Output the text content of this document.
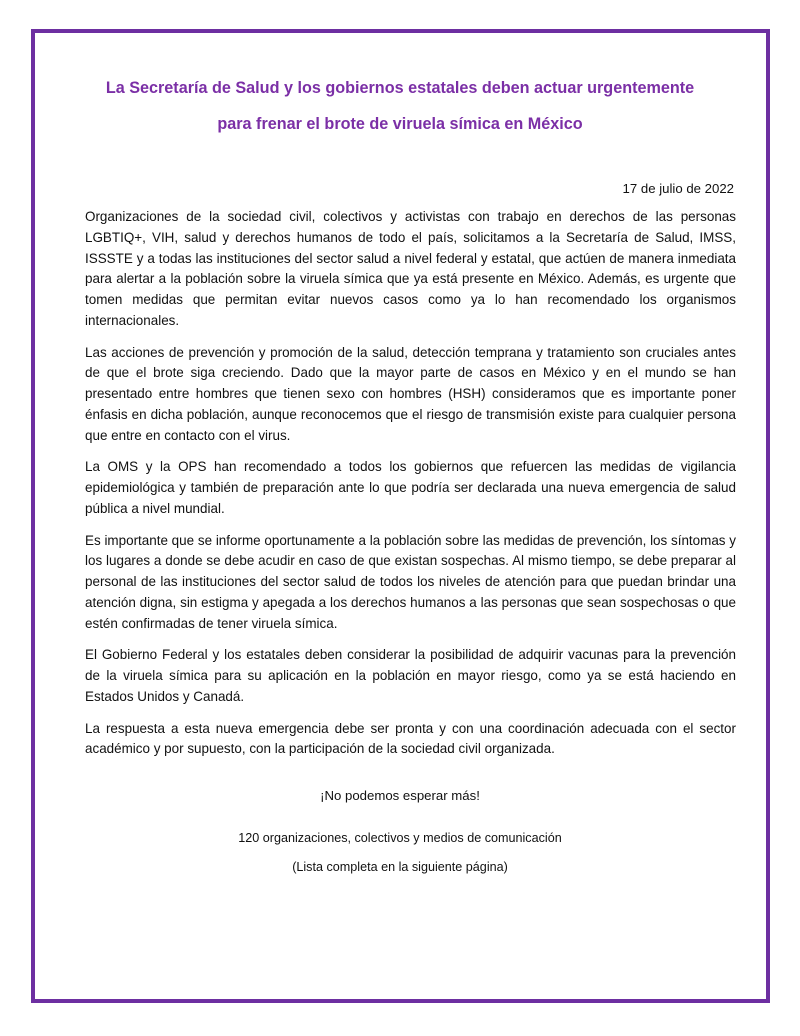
La Secretaría de Salud y los gobiernos estatales deben actuar urgentemente
para frenar el brote de viruela símica en México
17 de julio de 2022

Organizaciones de la sociedad civil, colectivos y activistas con trabajo en derechos de las personas LGBTIQ+, VIH, salud y derechos humanos de todo el país, solicitamos a la Secretaría de Salud, IMSS, ISSSTE y a todas las instituciones del sector salud a nivel federal y estatal, que actúen de manera inmediata para alertar a la población sobre la viruela símica que ya está presente en México. Además, es urgente que tomen medidas que permitan evitar nuevos casos como ya lo han recomendado los organismos internacionales.

Las acciones de prevención y promoción de la salud, detección temprana y tratamiento son cruciales antes de que el brote siga creciendo. Dado que la mayor parte de casos en México y en el mundo se han presentado entre hombres que tienen sexo con hombres (HSH) consideramos que es importante poner énfasis en dicha población, aunque reconocemos que el riesgo de transmisión existe para cualquier persona que entre en contacto con el virus.

La OMS y la OPS han recomendado a todos los gobiernos que refuercen las medidas de vigilancia epidemiológica y también de preparación ante lo que podría ser declarada una nueva emergencia de salud pública a nivel mundial.

Es importante que se informe oportunamente a la población sobre las medidas de prevención, los síntomas y los lugares a donde se debe acudir en caso de que existan sospechas. Al mismo tiempo, se debe preparar al personal de las instituciones del sector salud de todos los niveles de atención para que puedan brindar una atención digna, sin estigma y apegada a los derechos humanos a las personas que sean sospechosas o que estén confirmadas de tener viruela símica.

El Gobierno Federal y los estatales deben considerar la posibilidad de adquirir vacunas para la prevención de la viruela símica para su aplicación en la población en mayor riesgo, como ya se está haciendo en Estados Unidos y Canadá.

La respuesta a esta nueva emergencia debe ser pronta y con una coordinación adecuada con el sector académico y por supuesto, con la participación de la sociedad civil organizada.

¡No podemos esperar más!

120 organizaciones, colectivos y medios de comunicación

(Lista completa en la siguiente página)
